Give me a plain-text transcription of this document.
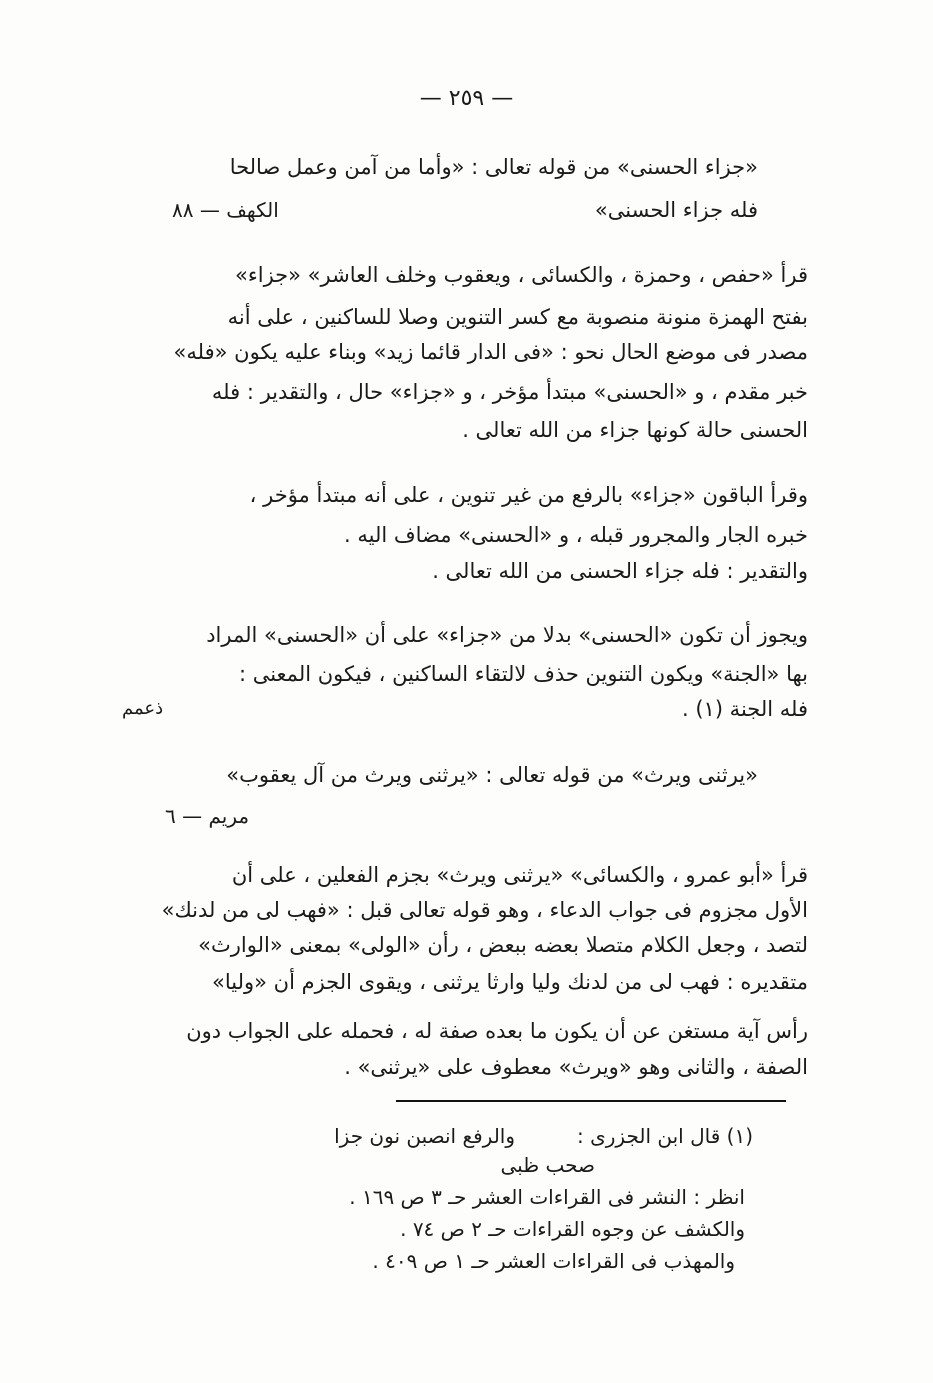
— ٢٥٩ —
«جزاء الحسنى» من قوله تعالى : «وأما من آمن وعمل صالحا
فله جزاء الحسنى»
الكهف — ٨٨
قرأ «حفص ، وحمزة ، والكسائى ، ويعقوب وخلف العاشر» «جزاء»
بفتح الهمزة منونة منصوبة مع كسر التنوين وصلا للساكنين ، على أنه
مصدر فى موضع الحال نحو : «فى الدار قائما زيد» وبناء عليه يكون «فله»
خبر مقدم ، و «الحسنى» مبتدأ مؤخر ، و «جزاء» حال ، والتقدير : فله
الحسنى حالة كونها جزاء من الله تعالى .
وقرأ الباقون «جزاء» بالرفع من غير تنوين ، على أنه مبتدأ مؤخر ،
خبره الجار والمجرور قبله ، و «الحسنى» مضاف اليه .
والتقدير : فله جزاء الحسنى من الله تعالى .
ويجوز أن تكون «الحسنى» بدلا من «جزاء» على أن «الحسنى» المراد
بها «الجنة» ويكون التنوين حذف لالتقاء الساكنين ، فيكون المعنى :
فله الجنة (١) .
ذعمم
«يرثنى ويرث» من قوله تعالى : «يرثنى ويرث من آل يعقوب»
مريم — ٦
قرأ «أبو عمرو ، والكسائى» «يرثنى ويرث» بجزم الفعلين ، على أن
الأول مجزوم فى جواب الدعاء ، وهو قوله تعالى قبل : «فهب لى من لدنك»
لتصد ، وجعل الكلام متصلا بعضه ببعض ، رأن «الولى» بمعنى «الوارث»
متقديره : فهب لى من لدنك وليا وارثا يرثنى ، ويقوى الجزم أن «وليا»
رأس آية مستغن عن أن يكون ما بعده صفة له ، فحمله على الجواب دون
الصفة ، والثانى وهو «ويرث» معطوف على «يرثنى» .
(١) قال ابن الجزرى :
والرفع انصبن نون جزا
صحب ظبى
انظر : النشر فى القراءات العشر حـ ٣ ص ١٦٩ .
والكشف عن وجوه القراءات حـ ٢ ص ٧٤ .
والمهذب فى القراءات العشر حـ ١ ص ٤٠٩ .
